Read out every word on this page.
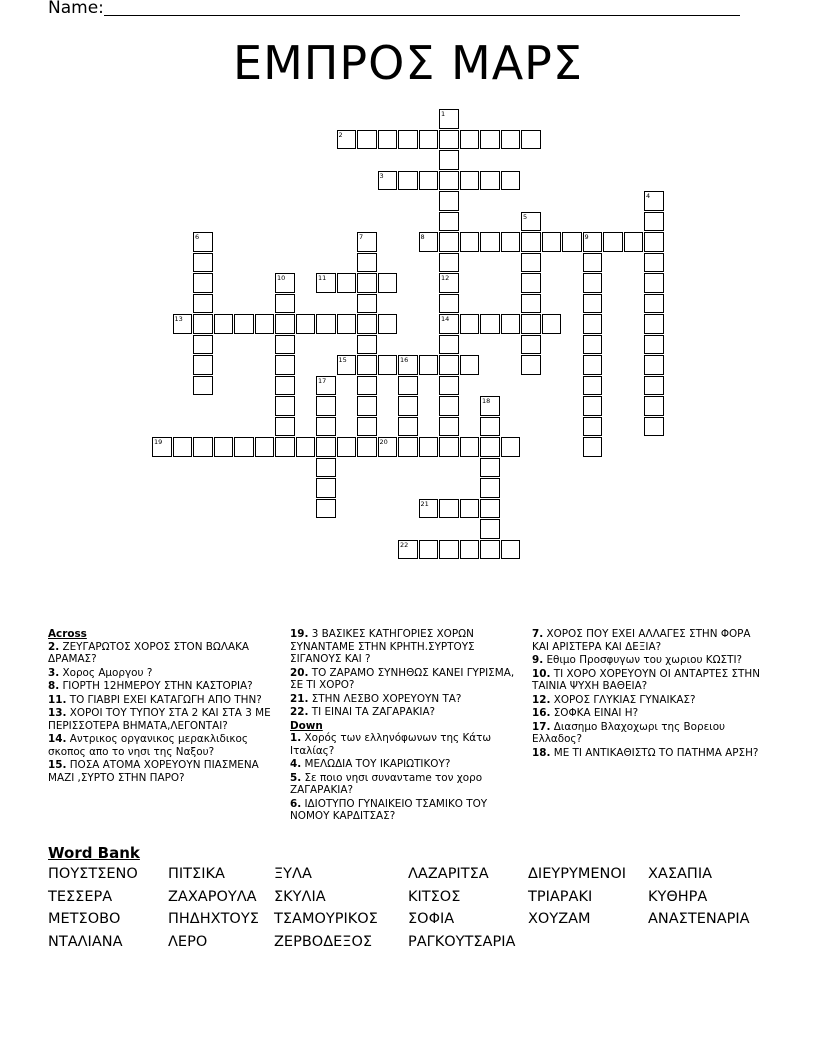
Name:
ΕΜΠΡΟΣ ΜΑΡΣ
1
2
3
4
5
6	7	8	9
10	11	12
13	14
15	16
17
18
19	20
21
22
Across
2. ΖΕΥΓΑΡΩΤΟΣ ΧΟΡΟΣ ΣΤΟΝ ΒΩΛΑΚΑ ΔΡΑΜΑΣ?
3. Χορος Αμοργου ?
8. ΓΙΟΡΤΗ 12ΗΜΕΡΟΥ ΣΤΗΝ ΚΑΣΤΟΡΙΑ?
11. ΤΟ ΓΙΑΒΡΙ ΕΧΕΙ ΚΑΤΑΓΩΓΗ ΑΠΟ ΤΗΝ?
13. ΧΟΡΟΙ ΤΟΥ ΤΥΠΟΥ ΣΤΑ 2 ΚΑΙ ΣΤΑ 3 ΜΕ ΠΕΡΙΣΣΟΤΕΡΑ ΒΗΜΑΤΑ,ΛΕΓΟΝΤΑΙ?
14. Αντρικος οργανικος μερακλιδικος σκοπος απο το νησι της Ναξου?
15. ΠΟΣΑ ΑΤΟΜΑ ΧΟΡΕΥΟΥΝ ΠΙΑΣΜΕΝΑ ΜΑΖΙ ,ΣΥΡΤΟ ΣΤΗΝ ΠΑΡΟ?
19. 3 ΒΑΣΙΚΕΣ ΚΑΤΗΓΟΡΙΕΣ ΧΟΡΩΝ ΣΥΝΑΝΤΑΜΕ ΣΤΗΝ ΚΡΗΤΗ.ΣΥΡΤΟΥΣ ΣΙΓΑΝΟΥΣ ΚΑΙ ?
20. ΤΟ ΖΑΡΑΜΟ ΣΥΝΗΘΩΣ ΚΑΝΕΙ ΓΥΡΙΣΜΑ, ΣΕ ΤΙ ΧΟΡΟ?
21. ΣΤΗΝ ΛΕΣΒΟ ΧΟΡΕΥΟΥΝ ΤΑ?
22. ΤΙ ΕΙΝΑΙ ΤΑ ΖΑΓΑΡΑΚΙΑ?
Down
1. Χορός των ελληνόφωνων της Κάτω Ιταλίας?
4. ΜΕΛΩΔΙΑ ΤΟΥ ΙΚΑΡΙΩΤΙΚΟΥ?
5. Σε ποιο νησι συναντame τον χορο ΖΑΓΑΡΑΚΙΑ?
6. ΙΔΙΟΤΥΠΟ ΓΥΝΑΙΚΕΙΟ ΤΣΑΜΙΚΟ ΤΟΥ ΝΟΜΟΥ ΚΑΡΔΙΤΣΑΣ?
7. ΧΟΡΟΣ ΠΟΥ ΕΧΕΙ ΑΛΛΑΓΕΣ ΣΤΗΝ ΦΟΡΑ ΚΑΙ ΑΡΙΣΤΕΡΑ ΚΑΙ ΔΕΞΙΑ?
9. Εθιμο Προσφυγων του χωριου ΚΩΣΤΙ?
10. ΤΙ ΧΟΡΟ ΧΟΡΕΥΟΥΝ ΟΙ ΑΝΤΑΡΤΕΣ ΣΤΗΝ ΤΑΙΝΙΑ ΨΥΧΗ ΒΑΘΕΙΑ?
12. ΧΟΡΟΣ ΓΛΥΚΙΑΣ ΓΥΝΑΙΚΑΣ?
16. ΣΟΦΚΑ ΕΙΝΑΙ Η?
17. Διασημο Βλαχοχωρι της Βορειου Ελλαδος?
18. ΜΕ ΤΙ ΑΝΤΙΚΑΘΙΣΤΩ ΤΟ ΠΑΤΗΜΑ ΑΡΣΗ?
Word Bank
ΠΟΥΣΤΣΕΝΟ ΠΙΤΣΙΚΑ	ΞΥΛΑ	ΛΑΖΑΡΙΤΣΑ	ΔΙΕΥΡΥΜΕΝΟΙ ΧΑΣΑΠΙΑ
ΤΕΣΣΕΡΑ	ΖΑΧΑΡΟΥΛΑ ΣΚΥΛΙΑ	ΚΙΤΣΟΣ	ΤΡΙΑΡΑΚΙ	ΚΥΘΗΡΑ
ΜΕΤΣΟΒΟ	ΠΗΔΗΧΤΟΥΣ ΤΣΑΜΟΥΡΙΚΟΣ ΣΟΦΙΑ	ΧΟΥΖΑΜ	ΑΝΑΣΤΕΝΑΡΙΑ
ΝΤΑΛΙΑΝΑ	ΛΕΡΟ	ΖΕΡΒΟΔΕΞΟΣ ΡΑΓΚΟΥΤΣΑΡΙΑ
